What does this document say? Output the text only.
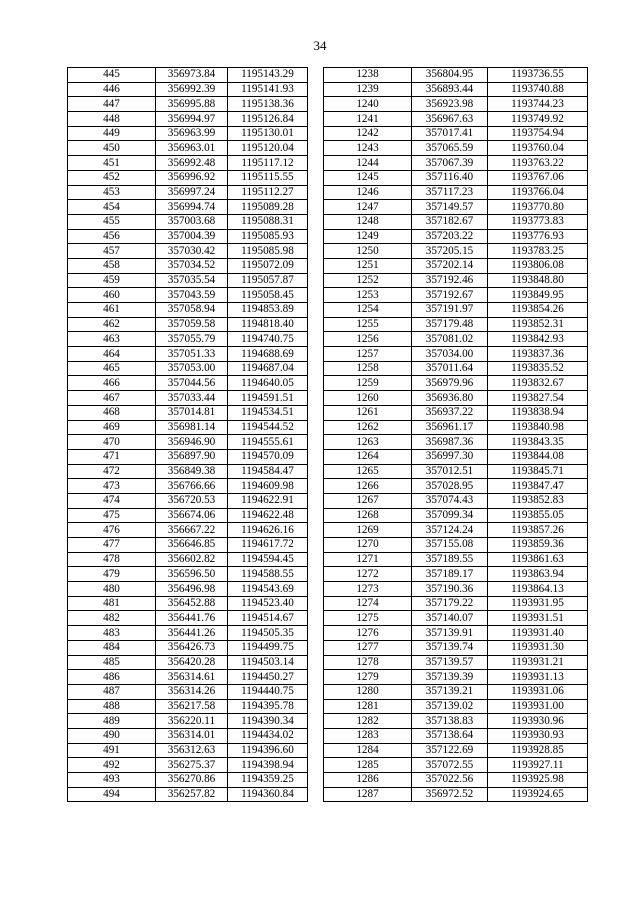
34
445	356973.84	1195143.29		1238	356804.95	1193736.55
446	356992.39	1195141.93		1239	356893.44	1193740.88
447	356995.88	1195138.36		1240	356923.98	1193744.23
448	356994.97	1195126.84		1241	356967.63	1193749.92
449	356963.99	1195130.01		1242	357017.41	1193754.94
450	356963.01	1195120.04		1243	357065.59	1193760.04
451	356992.48	1195117.12		1244	357067.39	1193763.22
452	356996.92	1195115.55		1245	357116.40	1193767.06
453	356997.24	1195112.27		1246	357117.23	1193766.04
454	356994.74	1195089.28		1247	357149.57	1193770.80
455	357003.68	1195088.31		1248	357182.67	1193773.83
456	357004.39	1195085.93		1249	357203.22	1193776.93
457	357030.42	1195085.98		1250	357205.15	1193783.25
458	357034.52	1195072.09		1251	357202.14	1193806.08
459	357035.54	1195057.87		1252	357192.46	1193848.80
460	357043.59	1195058.45		1253	357192.67	1193849.95
461	357058.94	1194853.89		1254	357191.97	1193854.26
462	357059.58	1194818.40		1255	357179.48	1193852.31
463	357055.79	1194740.75		1256	357081.02	1193842.93
464	357051.33	1194688.69		1257	357034.00	1193837.36
465	357053.00	1194687.04		1258	357011.64	1193835.52
466	357044.56	1194640.05		1259	356979.96	1193832.67
467	357033.44	1194591.51		1260	356936.80	1193827.54
468	357014.81	1194534.51		1261	356937.22	1193838.94
469	356981.14	1194544.52		1262	356961.17	1193840.98
470	356946.90	1194555.61		1263	356987.36	1193843.35
471	356897.90	1194570.09		1264	356997.30	1193844.08
472	356849.38	1194584.47		1265	357012.51	1193845.71
473	356766.66	1194609.98		1266	357028.95	1193847.47
474	356720.53	1194622.91		1267	357074.43	1193852.83
475	356674.06	1194622.48		1268	357099.34	1193855.05
476	356667.22	1194626.16		1269	357124.24	1193857.26
477	356646.85	1194617.72		1270	357155.08	1193859.36
478	356602.82	1194594.45		1271	357189.55	1193861.63
479	356596.50	1194588.55		1272	357189.17	1193863.94
480	356496.98	1194543.69		1273	357190.36	1193864.13
481	356452.88	1194523.40		1274	357179.22	1193931.95
482	356441.76	1194514.67		1275	357140.07	1193931.51
483	356441.26	1194505.35		1276	357139.91	1193931.40
484	356426.73	1194499.75		1277	357139.74	1193931.30
485	356420.28	1194503.14		1278	357139.57	1193931.21
486	356314.61	1194450.27		1279	357139.39	1193931.13
487	356314.26	1194440.75		1280	357139.21	1193931.06
488	356217.58	1194395.78		1281	357139.02	1193931.00
489	356220.11	1194390.34		1282	357138.83	1193930.96
490	356314.01	1194434.02		1283	357138.64	1193930.93
491	356312.63	1194396.60		1284	357122.69	1193928.85
492	356275.37	1194398.94		1285	357072.55	1193927.11
493	356270.86	1194359.25		1286	357022.56	1193925.98
494	356257.82	1194360.84		1287	356972.52	1193924.65
